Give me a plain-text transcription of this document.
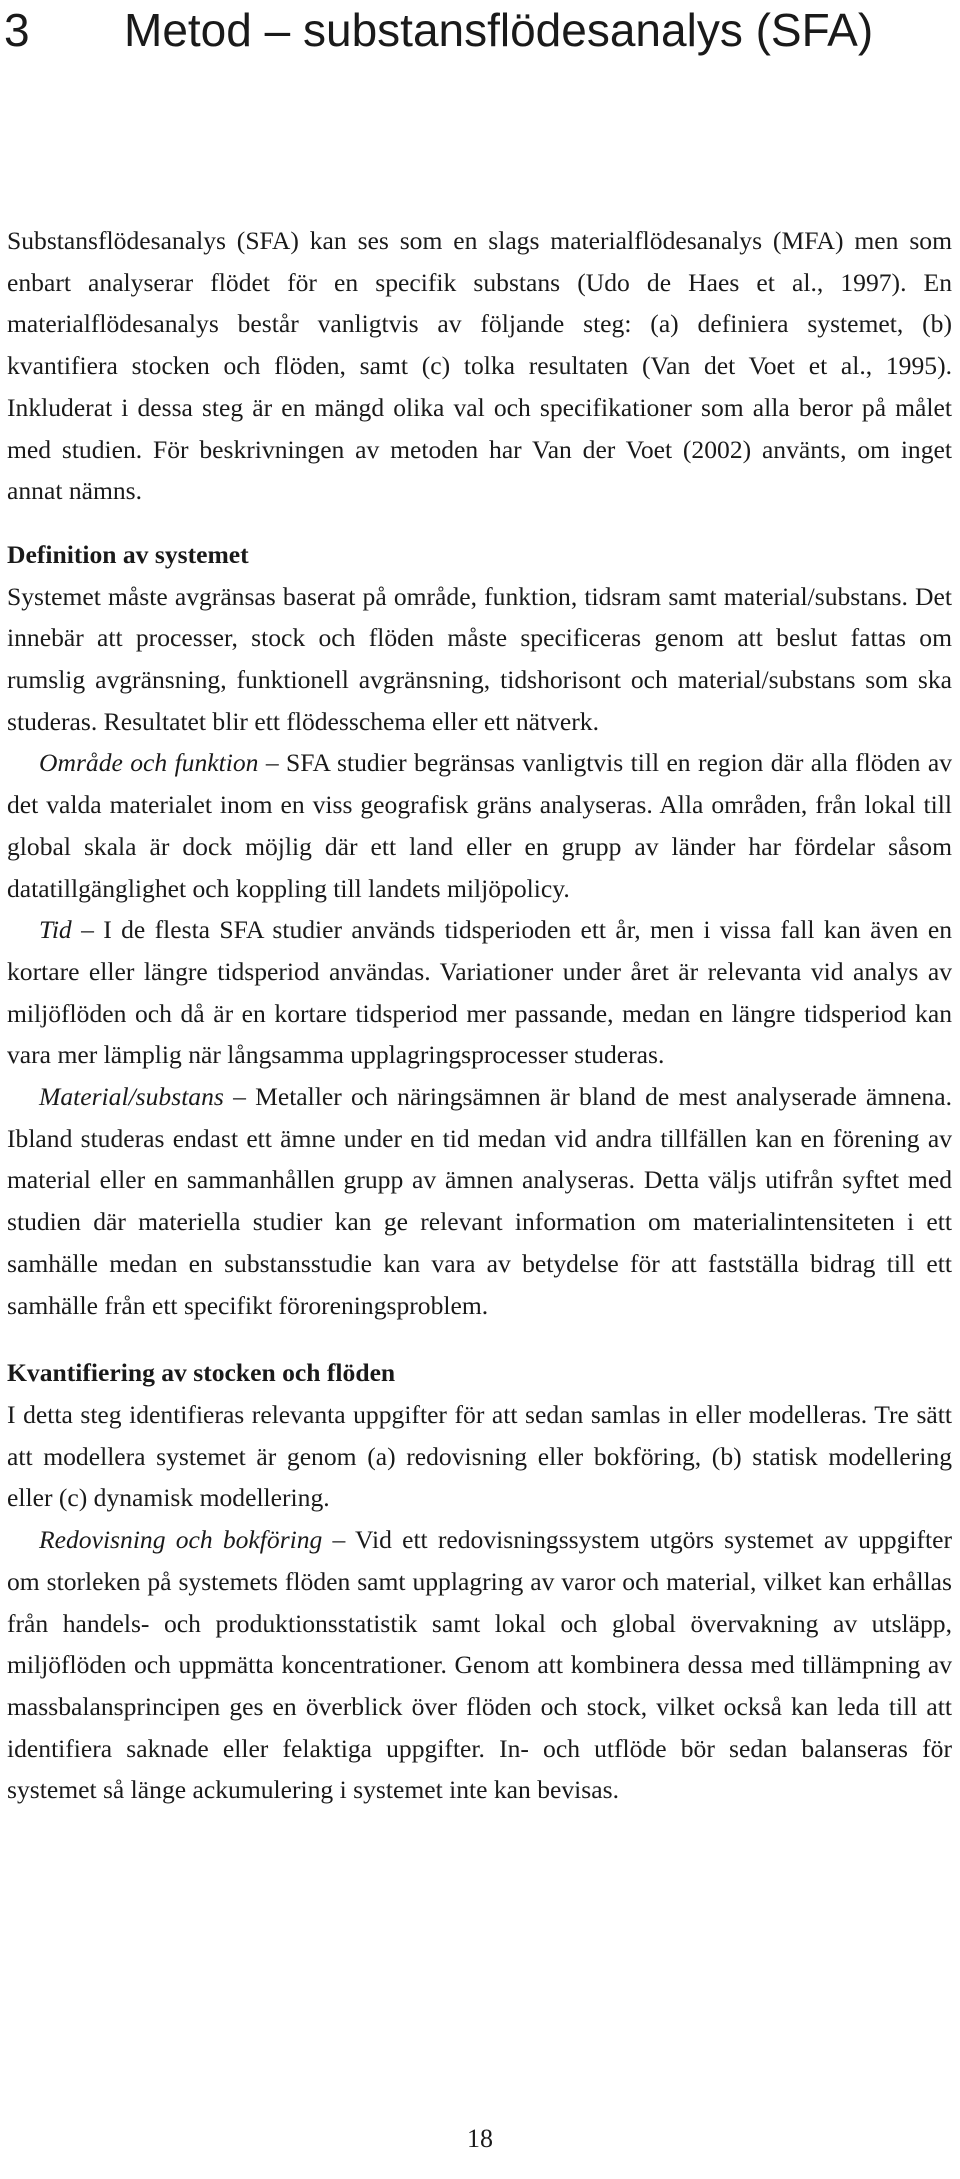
3	Metod – substansflödesanalys (SFA)

Substansflödesanalys (SFA) kan ses som en slags materialflödesanalys (MFA) men som enbart analyserar flödet för en specifik substans (Udo de Haes et al., 1997). En materialflödesanalys består vanligtvis av följande steg: (a) definiera systemet, (b) kvantifiera stocken och flöden, samt (c) tolka resultaten (Van det Voet et al., 1995). Inkluderat i dessa steg är en mängd olika val och specifikationer som alla beror på målet med studien. För beskrivningen av metoden har Van der Voet (2002) använts, om inget annat nämns.

Definition av systemet

Systemet måste avgränsas baserat på område, funktion, tidsram samt material/substans. Det innebär att processer, stock och flöden måste specificeras genom att beslut fattas om rumslig avgränsning, funktionell avgränsning, tidshorisont och material/substans som ska studeras. Resultatet blir ett flödesschema eller ett nätverk.

Område och funktion – SFA studier begränsas vanligtvis till en region där alla flöden av det valda materialet inom en viss geografisk gräns analyseras. Alla områden, från lokal till global skala är dock möjlig där ett land eller en grupp av länder har fördelar såsom datatillgänglighet och koppling till landets miljöpolicy.

Tid – I de flesta SFA studier används tidsperioden ett år, men i vissa fall kan även en kortare eller längre tidsperiod användas. Variationer under året är relevanta vid analys av miljöflöden och då är en kortare tidsperiod mer passande, medan en längre tidsperiod kan vara mer lämplig när långsamma upplagringsprocesser studeras.

Material/substans – Metaller och näringsämnen är bland de mest analyserade ämnena. Ibland studeras endast ett ämne under en tid medan vid andra tillfällen kan en förening av material eller en sammanhållen grupp av ämnen analyseras. Detta väljs utifrån syftet med studien där materiella studier kan ge relevant information om materialintensiteten i ett samhälle medan en substansstudie kan vara av betydelse för att fastställa bidrag till ett samhälle från ett specifikt föroreningsproblem.

Kvantifiering av stocken och flöden

I detta steg identifieras relevanta uppgifter för att sedan samlas in eller modelleras. Tre sätt att modellera systemet är genom (a) redovisning eller bokföring, (b) statisk modellering eller (c) dynamisk modellering.

Redovisning och bokföring – Vid ett redovisningssystem utgörs systemet av uppgifter om storleken på systemets flöden samt upplagring av varor och material, vilket kan erhållas från handels- och produktionsstatistik samt lokal och global övervakning av utsläpp, miljöflöden och uppmätta koncentrationer. Genom att kombinera dessa med tillämpning av massbalansprincipen ges en överblick över flöden och stock, vilket också kan leda till att identifiera saknade eller felaktiga uppgifter. In- och utflöde bör sedan balanseras för systemet så länge ackumulering i systemet inte kan bevisas.

18
